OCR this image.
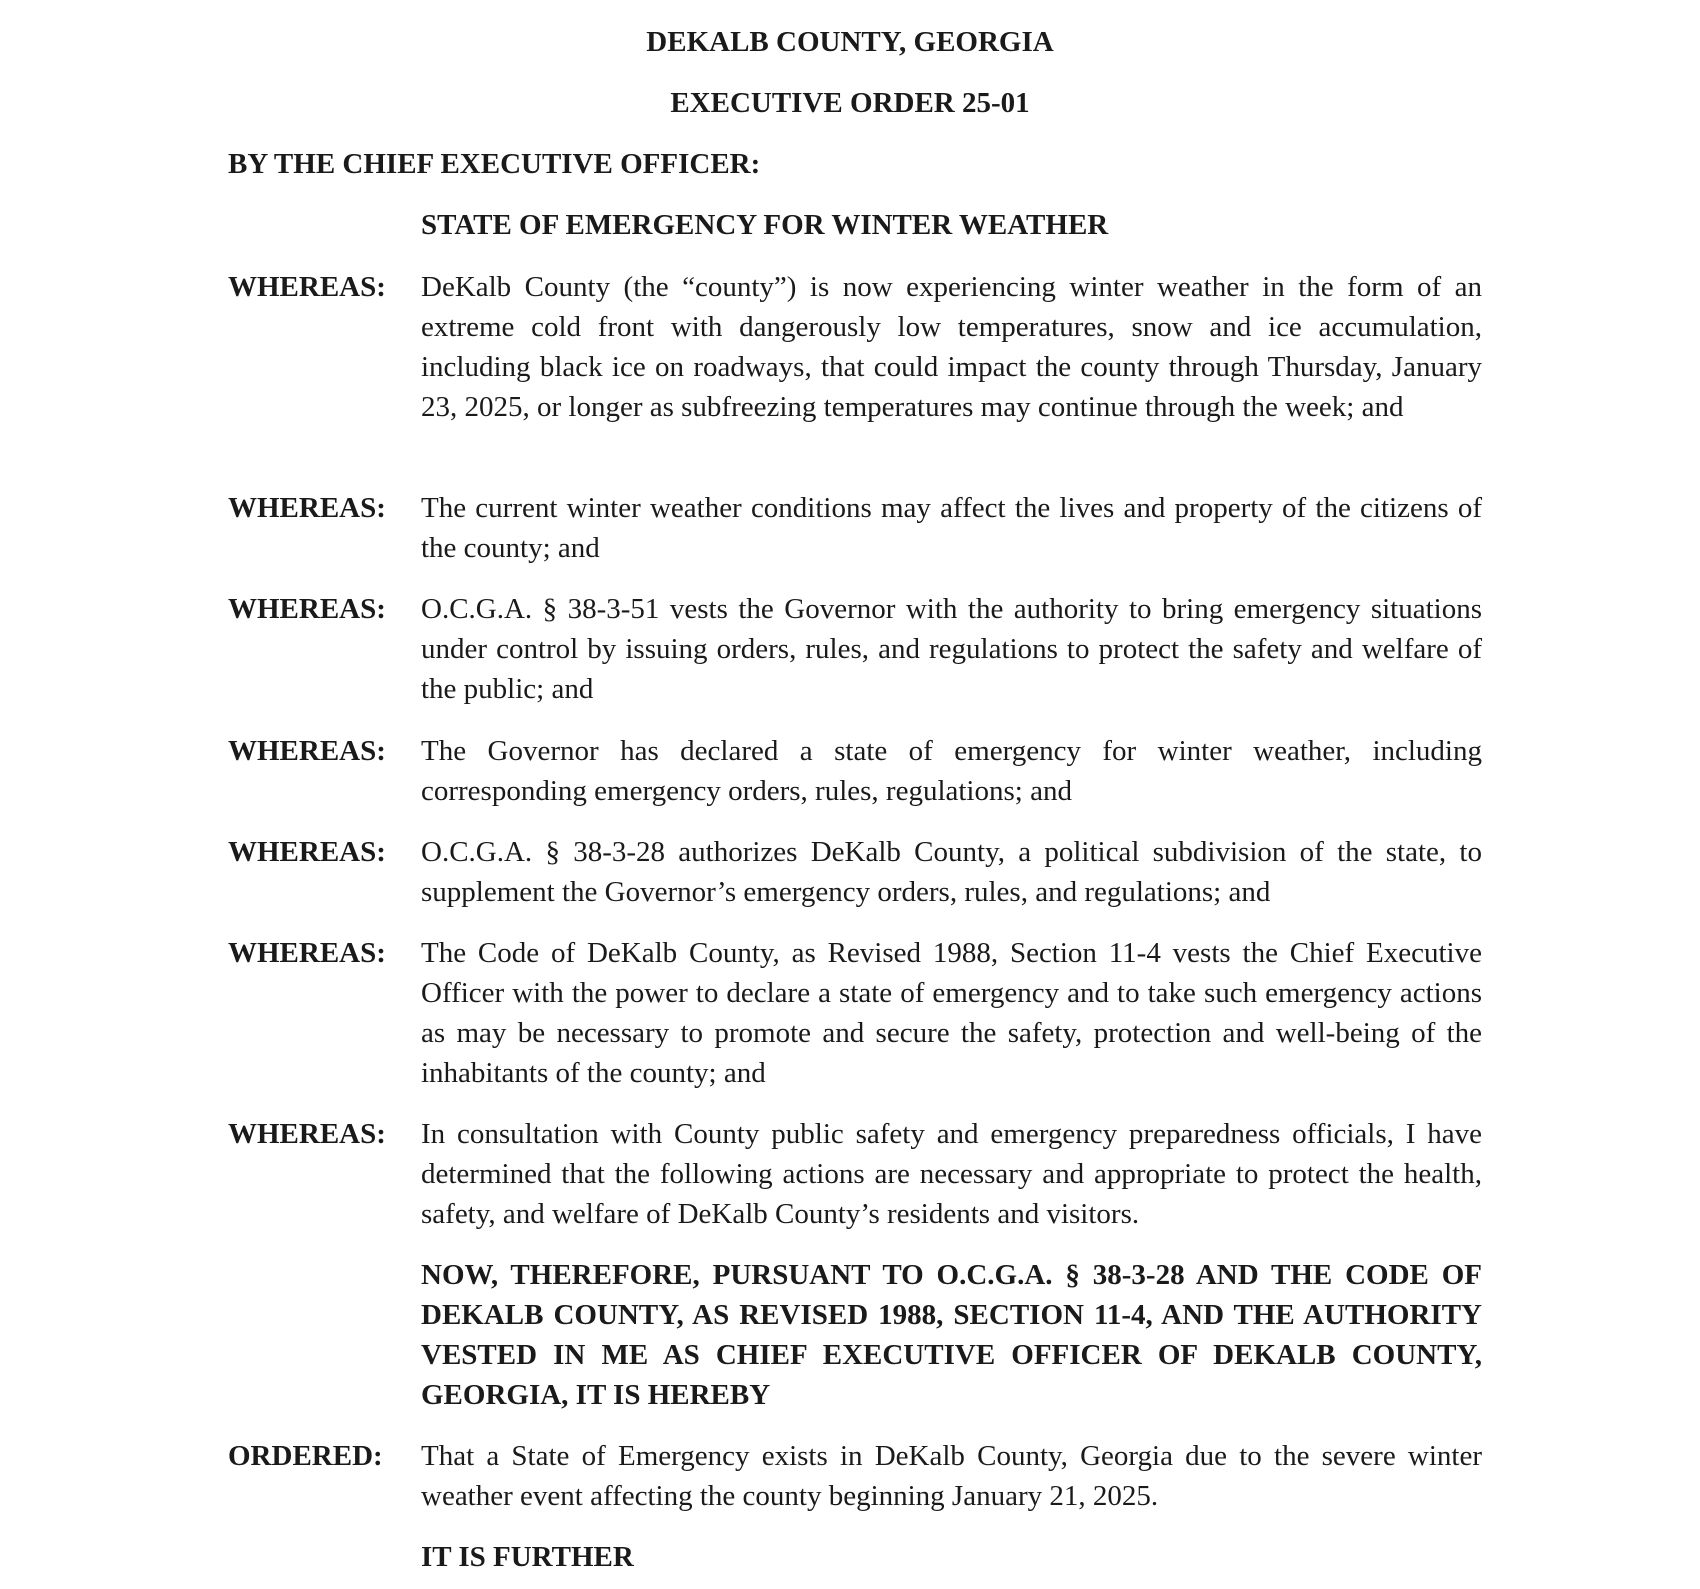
DEKALB COUNTY, GEORGIA
EXECUTIVE ORDER 25-01
BY THE CHIEF EXECUTIVE OFFICER:
STATE OF EMERGENCY FOR WINTER WEATHER
WHEREAS: DeKalb County (the “county”) is now experiencing winter weather in the form of an extreme cold front with dangerously low temperatures, snow and ice accumulation, including black ice on roadways, that could impact the county through Thursday, January 23, 2025, or longer as subfreezing temperatures may continue through the week; and
WHEREAS: The current winter weather conditions may affect the lives and property of the citizens of the county; and
WHEREAS: O.C.G.A. § 38-3-51 vests the Governor with the authority to bring emergency situations under control by issuing orders, rules, and regulations to protect the safety and welfare of the public; and
WHEREAS: The Governor has declared a state of emergency for winter weather, including corresponding emergency orders, rules, regulations; and
WHEREAS: O.C.G.A. § 38-3-28 authorizes DeKalb County, a political subdivision of the state, to supplement the Governor’s emergency orders, rules, and regulations; and
WHEREAS: The Code of DeKalb County, as Revised 1988, Section 11-4 vests the Chief Executive Officer with the power to declare a state of emergency and to take such emergency actions as may be necessary to promote and secure the safety, protection and well-being of the inhabitants of the county; and
WHEREAS: In consultation with County public safety and emergency preparedness officials, I have determined that the following actions are necessary and appropriate to protect the health, safety, and welfare of DeKalb County’s residents and visitors.
NOW, THEREFORE, PURSUANT TO O.C.G.A. § 38-3-28 AND THE CODE OF DEKALB COUNTY, AS REVISED 1988, SECTION 11-4, AND THE AUTHORITY VESTED IN ME AS CHIEF EXECUTIVE OFFICER OF DEKALB COUNTY, GEORGIA, IT IS HEREBY
ORDERED: That a State of Emergency exists in DeKalb County, Georgia due to the severe winter weather event affecting the county beginning January 21, 2025.
IT IS FURTHER
